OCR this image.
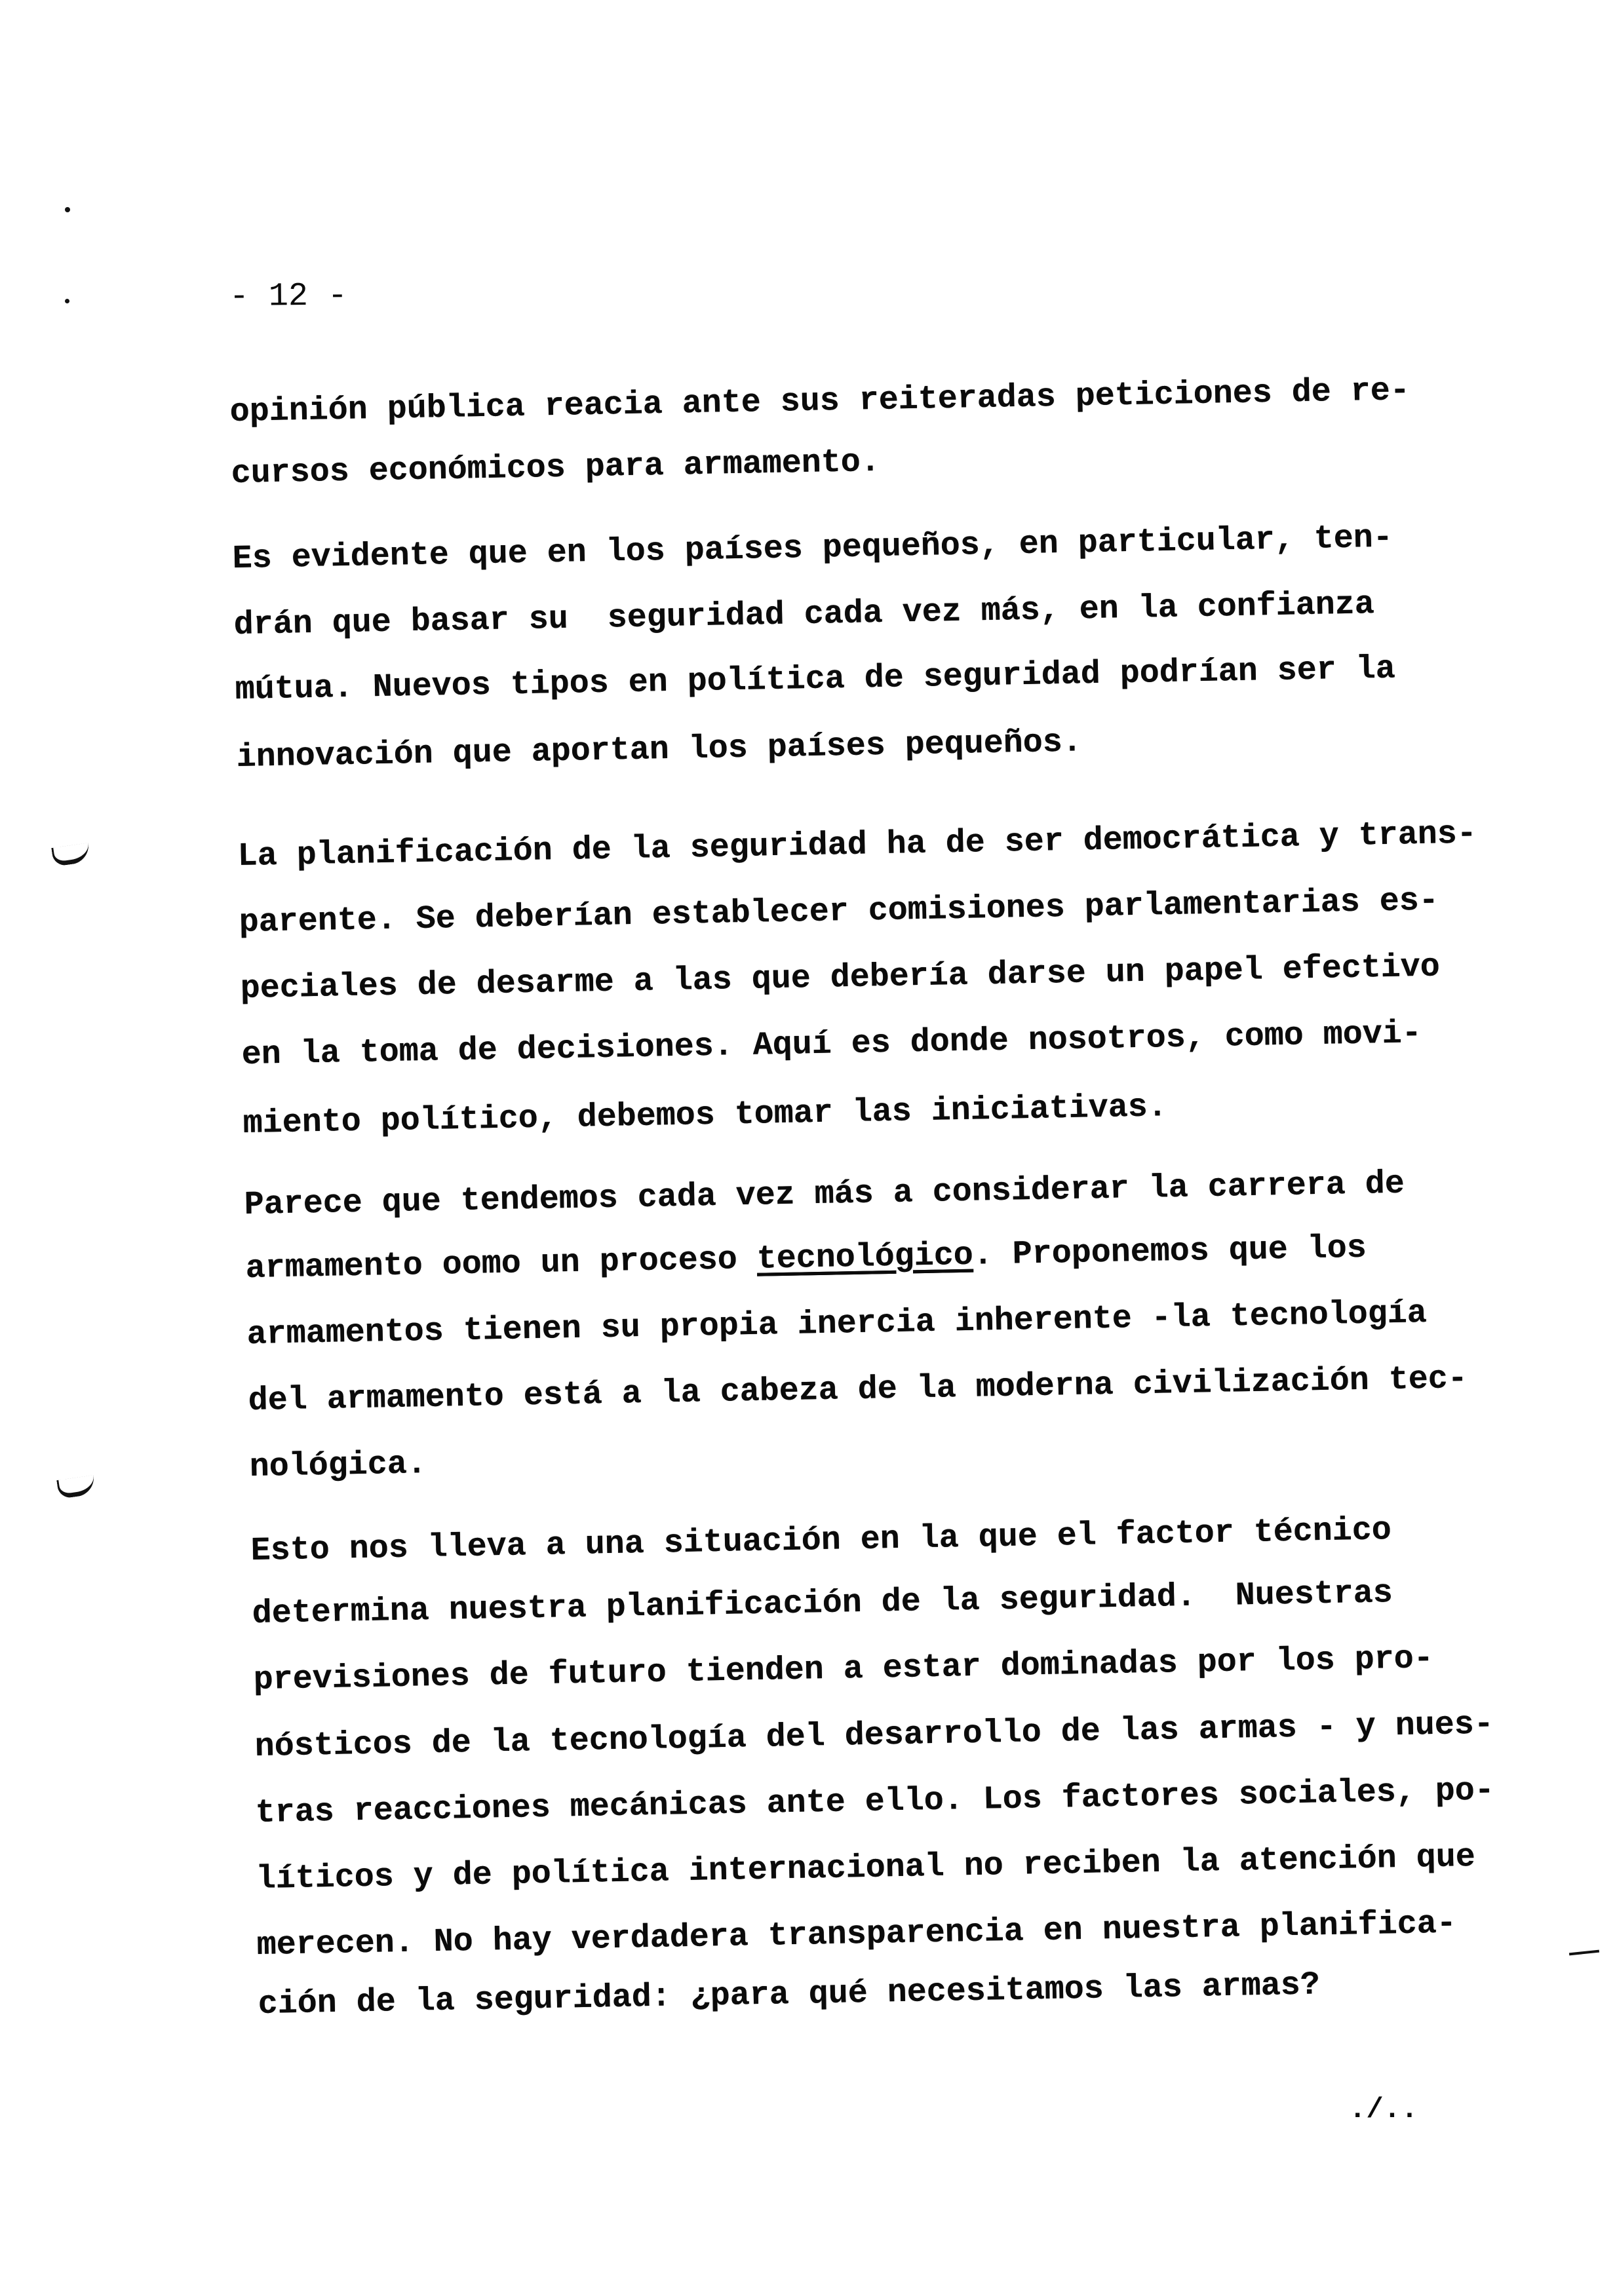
- 12 -
opinión pública reacia ante sus reiteradas peticiones de re-
cursos económicos para armamento.
Es evidente que en los países pequeños, en particular, ten-
drán que basar su  seguridad cada vez más, en la confianza
mútua. Nuevos tipos en política de seguridad podrían ser la
innovación que aportan los países pequeños.
La planificación de la seguridad ha de ser democrática y trans-
parente. Se deberían establecer comisiones parlamentarias es-
peciales de desarme a las que debería darse un papel efectivo
en la toma de decisiones. Aquí es donde nosotros, como movi-
miento político, debemos tomar las iniciativas.
Parece que tendemos cada vez más a considerar la carrera de
armamento oomo un proceso tecnológico. Proponemos que los
armamentos tienen su propia inercia inherente -la tecnología
del armamento está a la cabeza de la moderna civilización tec-
nológica.
Esto nos lleva a una situación en la que el factor técnico
determina nuestra planificación de la seguridad.  Nuestras
previsiones de futuro tienden a estar dominadas por los pro-
nósticos de la tecnología del desarrollo de las armas - y nues-
tras reacciones mecánicas ante ello. Los factores sociales, po-
líticos y de política internacional no reciben la atención que
merecen. No hay verdadera transparencia en nuestra planifica-
ción de la seguridad: ¿para qué necesitamos las armas?
./..
